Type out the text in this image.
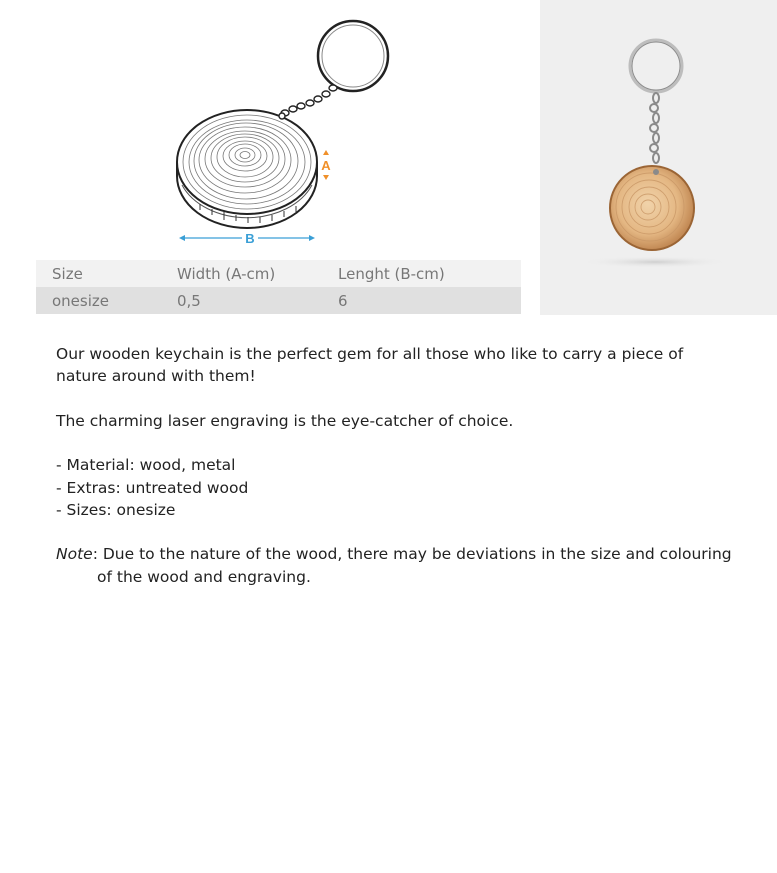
A
B
Size	Width (A-cm)	Lenght (B-cm)
onesize	0,5	6

Our wooden keychain is the perfect gem for all those who like to carry a piece of nature around with them!

The charming laser engraving is the eye-catcher of choice.

- Material: wood, metal
- Extras: untreated wood
- Sizes: onesize

Note: Due to the nature of the wood, there may be deviations in the size and colouring of the wood and engraving.
